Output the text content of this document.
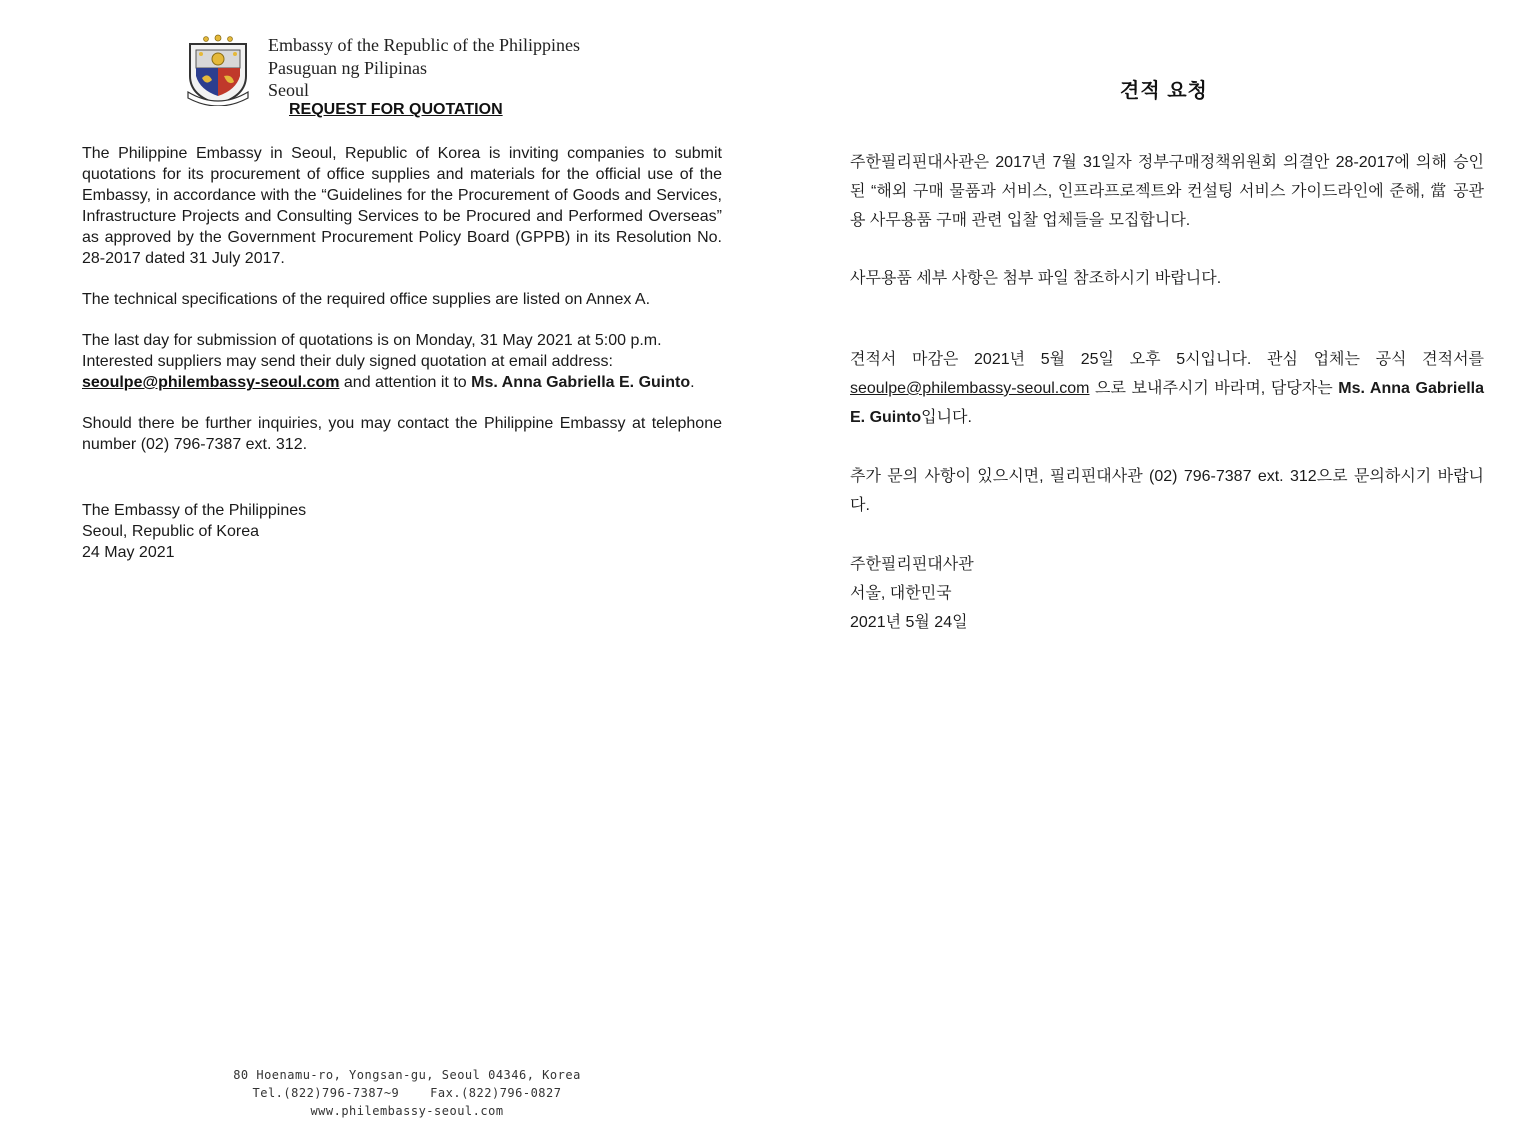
Embassy of the Republic of the Philippines
Pasuguan ng Pilipinas
Seoul
REQUEST FOR QUOTATION

The Philippine Embassy in Seoul, Republic of Korea is inviting companies to submit quotations for its procurement of office supplies and materials for the official use of the Embassy, in accordance with the “Guidelines for the Procurement of Goods and Services, Infrastructure Projects and Consulting Services to be Procured and Performed Overseas” as approved by the Government Procurement Policy Board (GPPB) in its Resolution No. 28-2017 dated 31 July 2017.

The technical specifications of the required office supplies are listed on Annex A.

The last day for submission of quotations is on Monday, 31 May 2021 at 5:00 p.m.
Interested suppliers may send their duly signed quotation at email address:
seoulpe@philembassy-seoul.com and attention it to Ms. Anna Gabriella E. Guinto.

Should there be further inquiries, you may contact the Philippine Embassy at telephone number (02) 796-7387 ext. 312.

The Embassy of the Philippines
Seoul, Republic of Korea
24 May 2021
80 Hoenamu-ro, Yongsan-gu, Seoul 04346, Korea
Tel.(822)796-7387~9    Fax.(822)796-0827
www.philembassy-seoul.com
견적 요청

주한필리핀대사관은 2017년 7월 31일자 정부구매정책위원회 의결안 28-2017에 의해 승인된 “해외 구매 물품과 서비스, 인프라프로젝트와 컨설팅 서비스 가이드라인에 준해, 當 공관용 사무용품 구매 관련 입찰 업체들을 모집합니다.

사무용품 세부 사항은 첨부 파일 참조하시기 바랍니다.

견적서 마감은 2021년 5월 25일 오후 5시입니다. 관심 업체는 공식 견적서를 seoulpe@philembassy-seoul.com 으로 보내주시기 바라며, 담당자는 Ms. Anna Gabriella E. Guinto입니다.

추가 문의 사항이 있으시면, 필리핀대사관 (02) 796-7387 ext. 312으로 문의하시기 바랍니다.

주한필리핀대사관
서울, 대한민국
2021년 5월 24일
